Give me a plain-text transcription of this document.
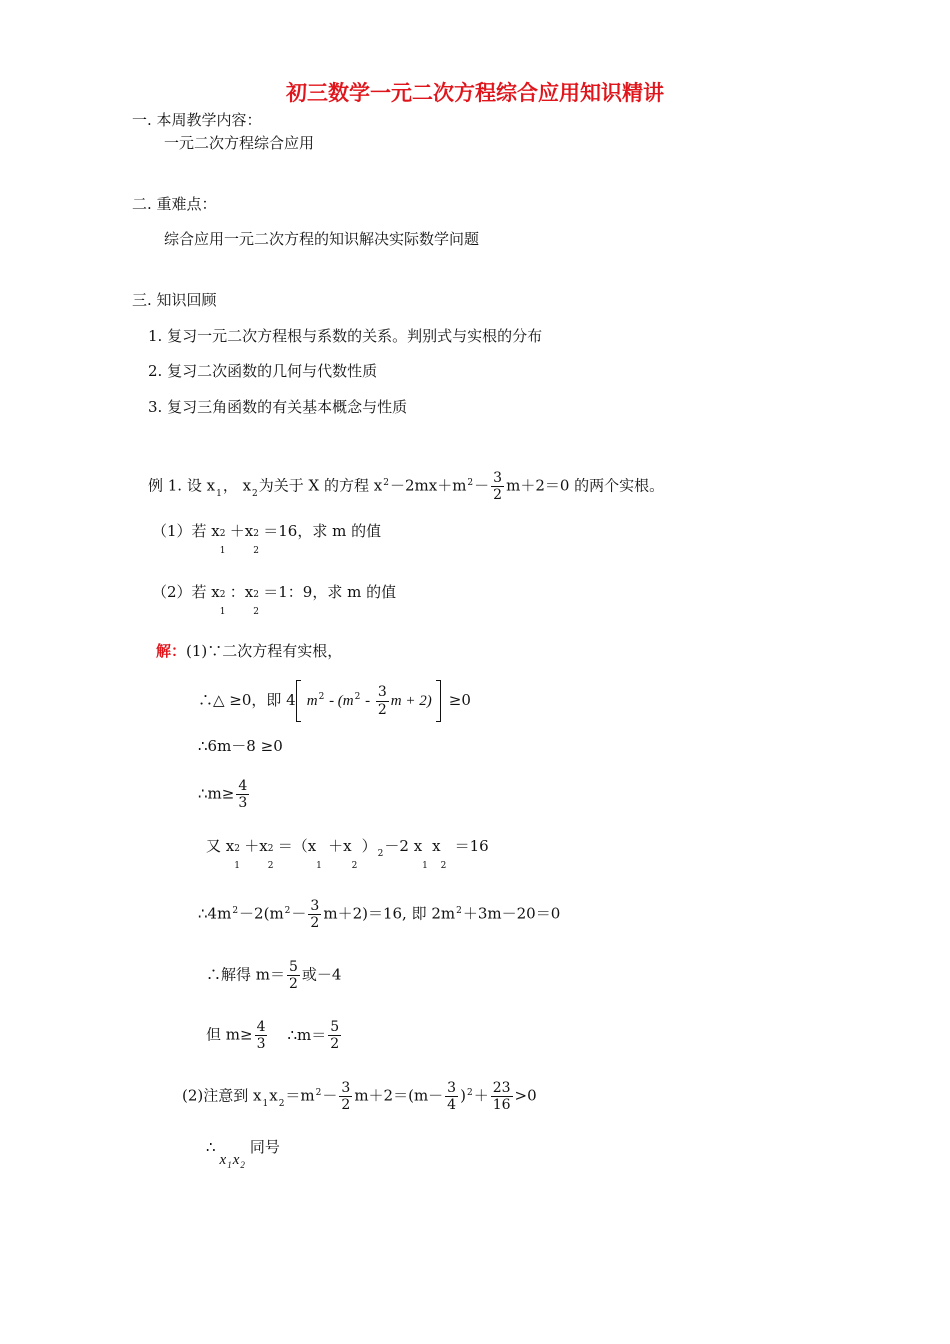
初三数学一元二次方程综合应用知识精讲
一. 本周教学内容：
一元二次方程综合应用
二. 重难点：
综合应用一元二次方程的知识解决实际数学问题
三. 知识回顾
1. 复习一元二次方程根与系数的关系。判别式与实根的分布
2. 复习二次函数的几何与代数性质
3. 复习三角函数的有关基本概念与性质
例 1. 设 $x_1$， $x_2$为关于 X 的方程 $x^2-2mx+m^2- \frac{3}{2} m+2=0$ 的两个实根。
（1）若 x 2
1
＋x 2
2
＝16，求 m 的值
（2）若 x 2
1
：x 2
2
＝1：9，求 m 的值
解：(1)∵二次方程有实根，
∴△ ≥0，即 4 $m^2 - (m^2 - \frac{3}{2}$ m + 2) ≥0
∴6m－8 ≥0
∴m≥ $\frac{4}{3}$
又 x 2
1
＋x 2
2
＝（x
1
＋x
2
）$_2-2$ x
1
x
2
＝16
$\therefore 4m^2-2(m^2- \frac{3}{2} m+2)=16$, 即 $2m^2+3m-20=0$
∴解得 $m= \frac{5}{2}$ 或－4
但 $m\ge \frac{4}{3}$ ∴m＝ $\frac{5}{2}$
(2)注意到 $x_1x_2=m^2- \frac{3}{2} m+2=(m- \frac{3}{4} )^2+ \frac{23}{16} >0$
$\therefore x_1x_2$同号
